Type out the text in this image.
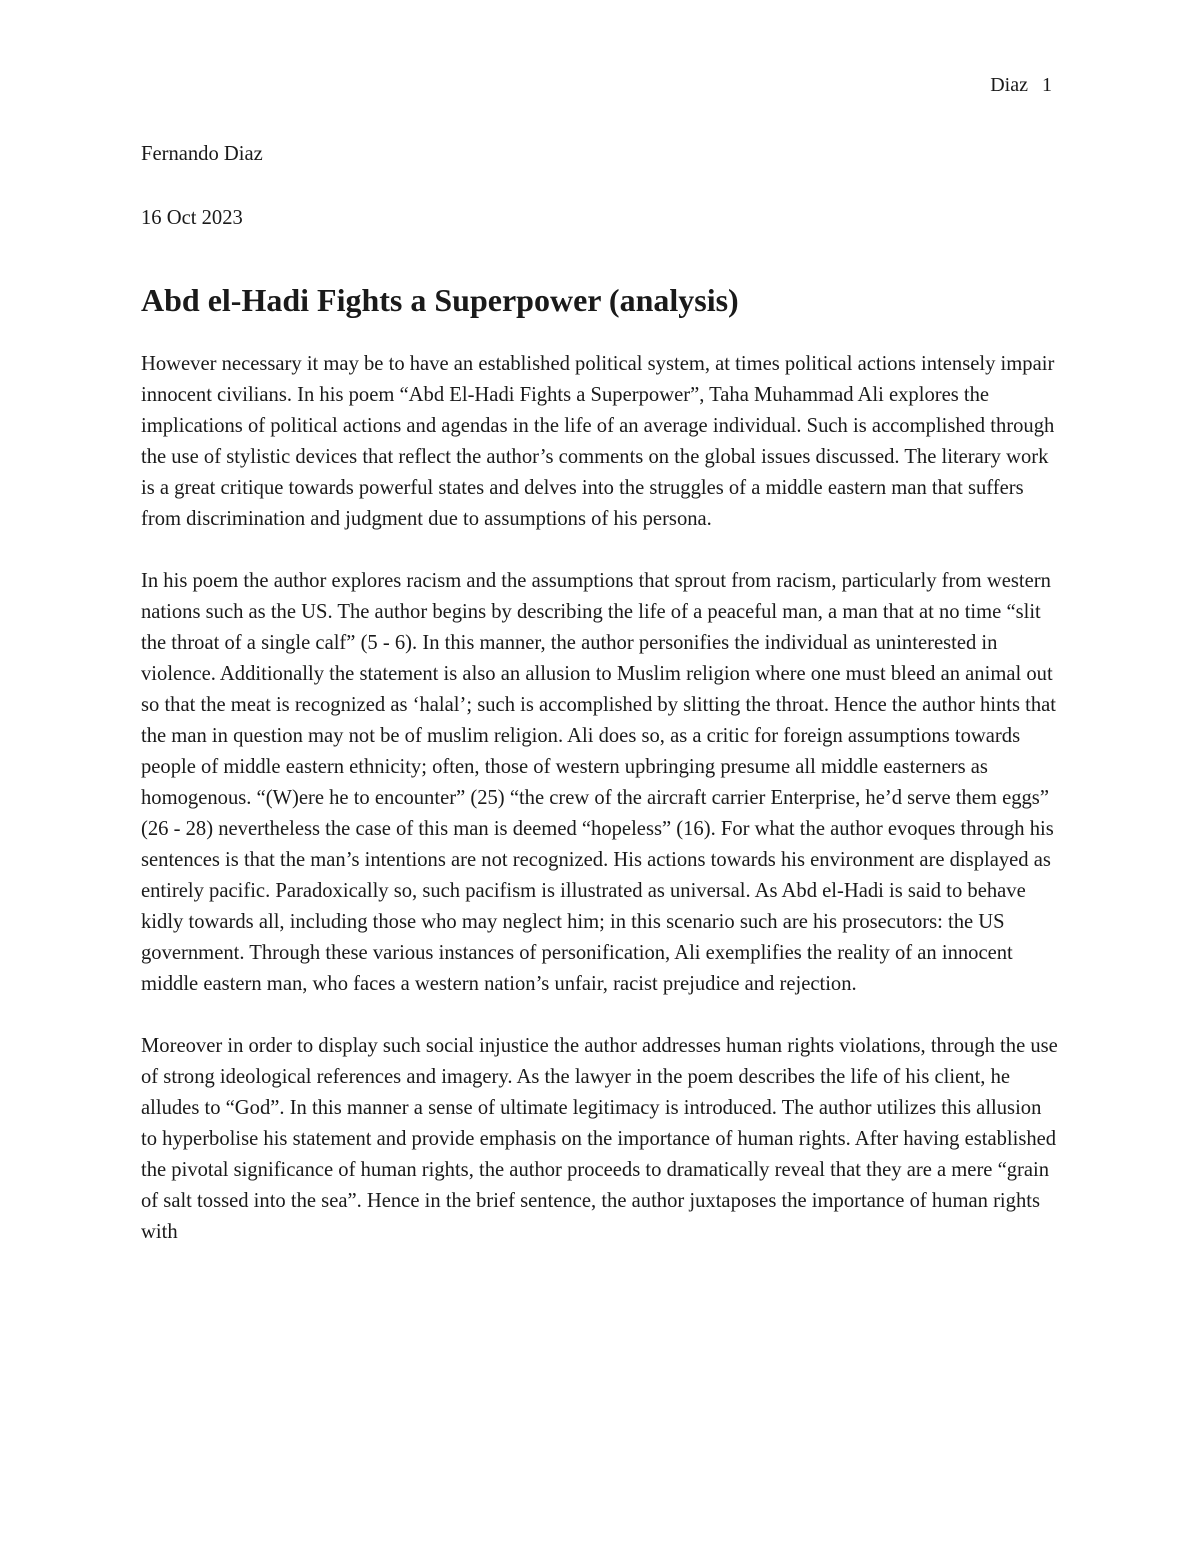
Diaz 1
Fernando Diaz
16 Oct 2023
Abd el-Hadi Fights a Superpower (analysis)

However necessary it may be to have an established political system, at times political actions intensely impair innocent civilians. In his poem “Abd El-Hadi Fights a Superpower”, Taha Muhammad Ali explores the implications of political actions and agendas in the life of an average individual. Such is accomplished through the use of stylistic devices that reflect the author’s comments on the global issues discussed. The literary work is a great critique towards powerful states and delves into the struggles of a middle eastern man that suffers from discrimination and judgment due to assumptions of his persona.

In his poem the author explores racism and the assumptions that sprout from racism, particularly from western nations such as the US. The author begins by describing the life of a peaceful man, a man that at no time “slit the throat of a single calf” (5 - 6). In this manner, the author personifies the individual as uninterested in violence. Additionally the statement is also an allusion to Muslim religion where one must bleed an animal out so that the meat is recognized as ‘halal’; such is accomplished by slitting the throat. Hence the author hints that the man in question may not be of muslim religion. Ali does so, as a critic for foreign assumptions towards people of middle eastern ethnicity; often, those of western upbringing presume all middle easterners as homogenous. “(W)ere he to encounter” (25) “the crew of the aircraft carrier Enterprise, he’d serve them eggs” (26 - 28) nevertheless the case of this man is deemed “hopeless” (16). For what the author evoques through his sentences is that the man’s intentions are not recognized. His actions towards his environment are displayed as entirely pacific. Paradoxically so, such pacifism is illustrated as universal. As Abd el-Hadi is said to behave kidly towards all, including those who may neglect him; in this scenario such are his prosecutors: the US government. Through these various instances of personification, Ali exemplifies the reality of an innocent middle eastern man, who faces a western nation’s unfair, racist prejudice and rejection.

Moreover in order to display such social injustice the author addresses human rights violations, through the use of strong ideological references and imagery. As the lawyer in the poem describes the life of his client, he alludes to “God”. In this manner a sense of ultimate legitimacy is introduced. The author utilizes this allusion to hyperbolise his statement and provide emphasis on the importance of human rights. After having established the pivotal significance of human rights, the author proceeds to dramatically reveal that they are a mere “grain of salt tossed into the sea”. Hence in the brief sentence, the author juxtaposes the importance of human rights with
